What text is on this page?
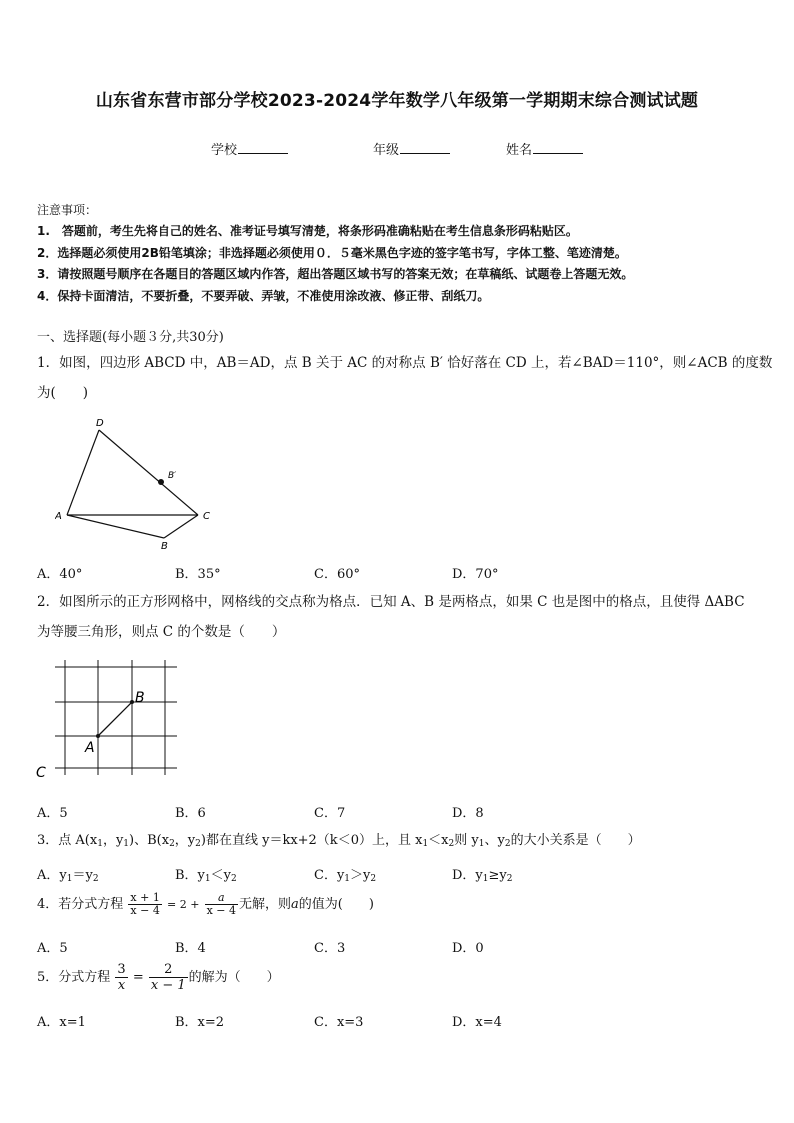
山东省东营市部分学校2023-2024学年数学八年级第一学期期末综合测试试题
学校	年级	姓名
注意事项：
1.　答题前，考生先将自己的姓名、准考证号填写清楚，将条形码准确粘贴在考生信息条形码粘贴区。
2．选择题必须使用2B铅笔填涂；非选择题必须使用０．５毫米黑色字迹的签字笔书写，字体工整、笔迹清楚。
3．请按照题号顺序在各题目的答题区域内作答，超出答题区域书写的答案无效；在草稿纸、试题卷上答题无效。
4．保持卡面清洁，不要折叠，不要弄破、弄皱，不准使用涂改液、修正带、刮纸刀。
一、选择题(每小题３分,共30分)
1．如图，四边形 ABCD 中，AB＝AD，点 B 关于 AC 的对称点 B′ 恰好落在 CD 上，若∠BAD＝110°，则∠ACB 的度数
为(　　)
A
D
C
B
B′
A．40°	B．35°	C．60°	D．70°
2．如图所示的正方形网格中，网格线的交点称为格点．已知 A、B 是两格点，如果 C 也是图中的格点，且使得 ΔABC
为等腰三角形，则点 C 的个数是（　　）
A
B
C
A．5	B．6	C．7	D．8
3．点 $A(x_1$，$y_1$)、$B(x_2$，$y_2$)都在直线 y＝kx+2（k＜0）上，且 $x_1<x_2$则 $y_1$、$y_2$的大小关系是（　　）
A．$y_1=y_2$	B．$y_1<y_2$	C．$y_1>y_2$	D．$y_1\ge y_2$
4．若分式方程 $\frac{x + 1}{x - 4} = 2 + \frac{a}{x - 4}$ 无解，则a的值为(　　)
A．5	B．4	C．3	D．0
5．分式方程 $\frac{3}{x} = \frac{2}{x - 1}$ 的解为（　　）
A．x=1	B．x=2	C．x=3	D．x=4
